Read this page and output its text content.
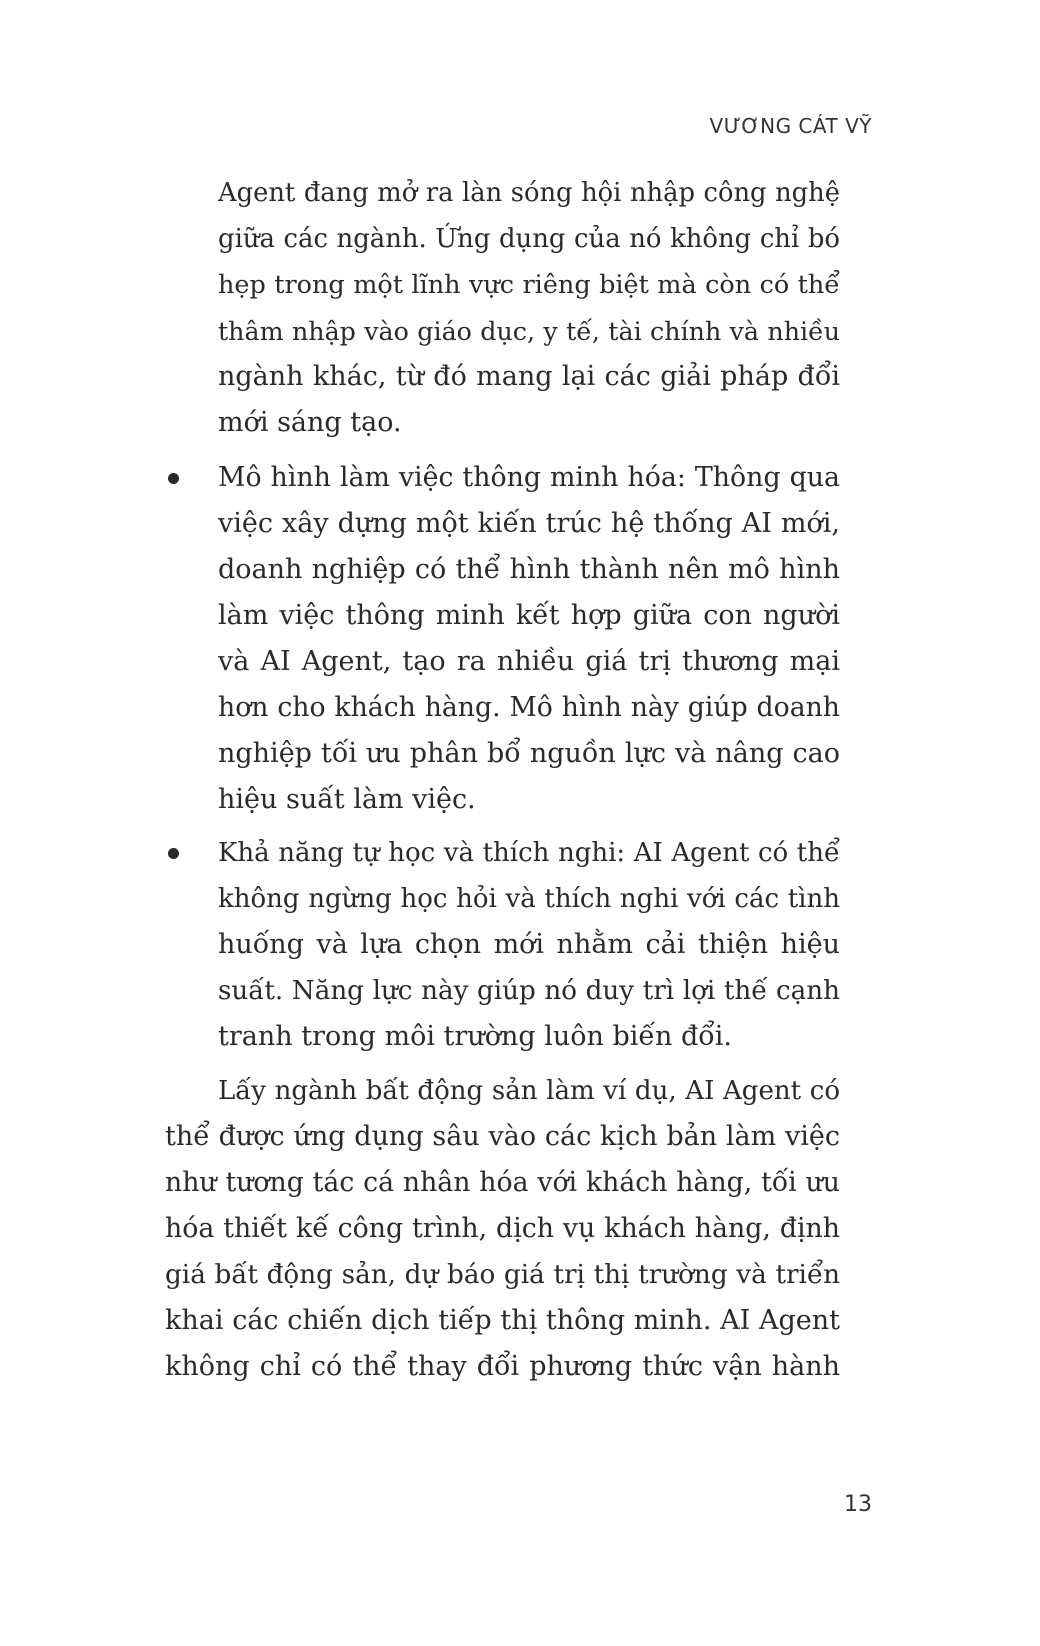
VƯƠNG CÁT VỸ
Agent đang mở ra làn sóng hội nhập công nghệ
giữa các ngành. Ứng dụng của nó không chỉ bó
hẹp trong một lĩnh vực riêng biệt mà còn có thể
thâm nhập vào giáo dục, y tế, tài chính và nhiều
ngành khác, từ đó mang lại các giải pháp đổi
mới sáng tạo.
Mô hình làm việc thông minh hóa: Thông qua
việc xây dựng một kiến trúc hệ thống AI mới,
doanh nghiệp có thể hình thành nên mô hình
làm việc thông minh kết hợp giữa con người
và AI Agent, tạo ra nhiều giá trị thương mại
hơn cho khách hàng. Mô hình này giúp doanh
nghiệp tối ưu phân bổ nguồn lực và nâng cao
hiệu suất làm việc.
Khả năng tự học và thích nghi: AI Agent có thể
không ngừng học hỏi và thích nghi với các tình
huống và lựa chọn mới nhằm cải thiện hiệu
suất. Năng lực này giúp nó duy trì lợi thế cạnh
tranh trong môi trường luôn biến đổi.
Lấy ngành bất động sản làm ví dụ, AI Agent có
thể được ứng dụng sâu vào các kịch bản làm việc
như tương tác cá nhân hóa với khách hàng, tối ưu
hóa thiết kế công trình, dịch vụ khách hàng, định
giá bất động sản, dự báo giá trị thị trường và triển
khai các chiến dịch tiếp thị thông minh. AI Agent
không chỉ có thể thay đổi phương thức vận hành
13
